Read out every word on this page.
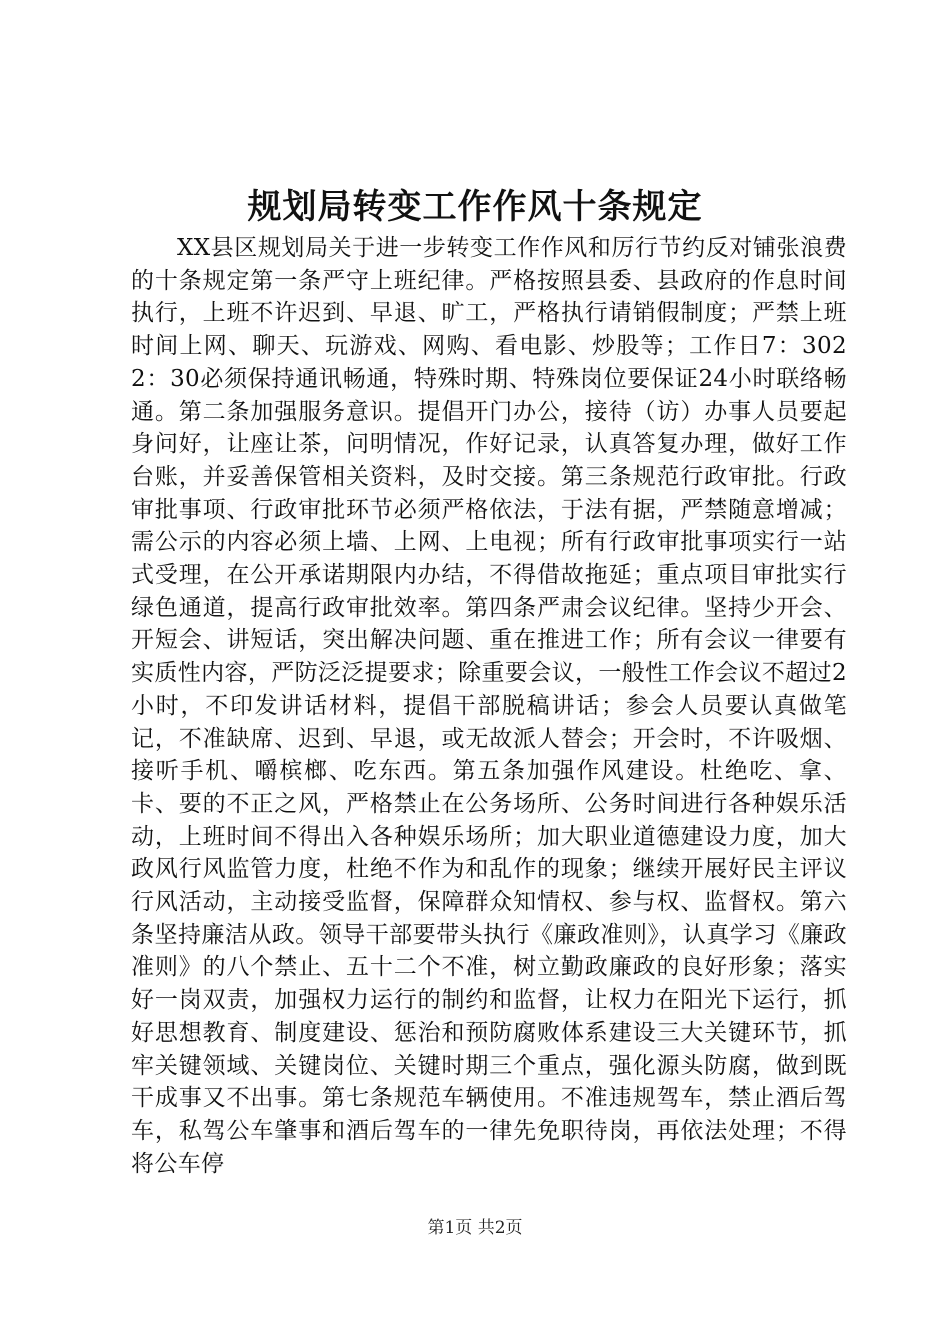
规划局转变工作作风十条规定

XX县区规划局关于进一步转变工作作风和厉行节约反对铺张浪费的十条规定第一条严守上班纪律。严格按照县委、县政府的作息时间执行，上班不许迟到、早退、旷工，严格执行请销假制度；严禁上班时间上网、聊天、玩游戏、网购、看电影、炒股等；工作日7：3022：30必须保持通讯畅通，特殊时期、特殊岗位要保证24小时联络畅通。第二条加强服务意识。提倡开门办公，接待（访）办事人员要起身问好，让座让茶，问明情况，作好记录，认真答复办理，做好工作台账，并妥善保管相关资料，及时交接。第三条规范行政审批。行政审批事项、行政审批环节必须严格依法，于法有据，严禁随意增减；需公示的内容必须上墙、上网、上电视；所有行政审批事项实行一站式受理，在公开承诺期限内办结，不得借故拖延；重点项目审批实行绿色通道，提高行政审批效率。第四条严肃会议纪律。坚持少开会、开短会、讲短话，突出解决问题、重在推进工作；所有会议一律要有实质性内容，严防泛泛提要求；除重要会议，一般性工作会议不超过2小时，不印发讲话材料，提倡干部脱稿讲话；参会人员要认真做笔记，不准缺席、迟到、早退，或无故派人替会；开会时，不许吸烟、接听手机、嚼槟榔、吃东西。第五条加强作风建设。杜绝吃、拿、卡、要的不正之风，严格禁止在公务场所、公务时间进行各种娱乐活动，上班时间不得出入各种娱乐场所；加大职业道德建设力度，加大政风行风监管力度，杜绝不作为和乱作的现象；继续开展好民主评议行风活动，主动接受监督，保障群众知情权、参与权、监督权。第六条坚持廉洁从政。领导干部要带头执行《廉政准则》，认真学习《廉政准则》的八个禁止、五十二个不准，树立勤政廉政的良好形象；落实好一岗双责，加强权力运行的制约和监督，让权力在阳光下运行，抓好思想教育、制度建设、惩治和预防腐败体系建设三大关键环节，抓牢关键领域、关键岗位、关键时期三个重点，强化源头防腐，做到既干成事又不出事。第七条规范车辆使用。不准违规驾车，禁止酒后驾车，私驾公车肇事和酒后驾车的一律先免职待岗，再依法处理；不得将公车停

第1页 共2页
